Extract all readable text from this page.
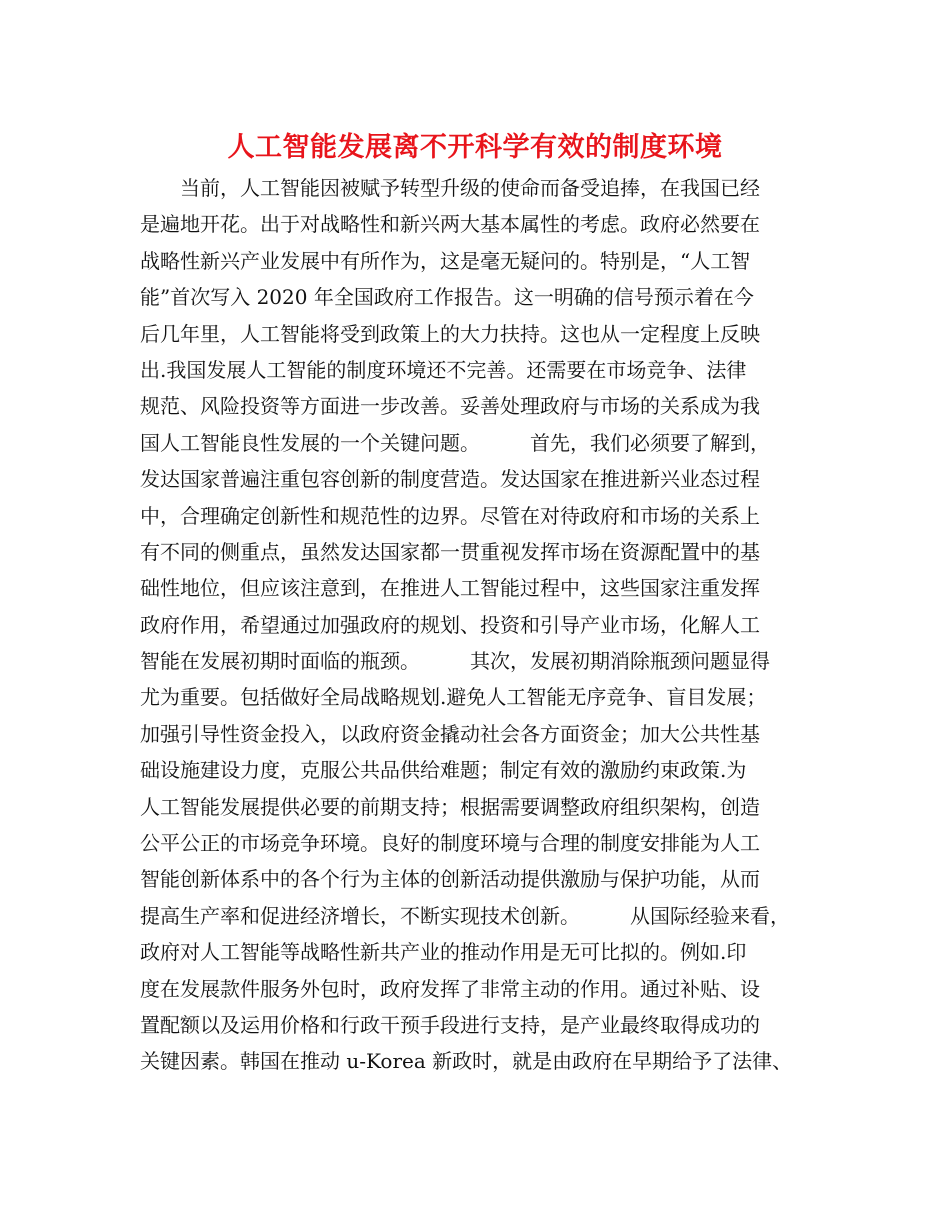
人工智能发展离不开科学有效的制度环境
　　当前，人工智能因被赋予转型升级的使命而备受追捧，在我国已经
是遍地开花。出于对战略性和新兴两大基本属性的考虑。政府必然要在
战略性新兴产业发展中有所作为，这是毫无疑问的。特别是，“人工智
能”首次写入 2020 年全国政府工作报告。这一明确的信号预示着在今
后几年里，人工智能将受到政策上的大力扶持。这也从一定程度上反映
出.我国发展人工智能的制度环境还不完善。还需要在市场竞争、法律
规范、风险投资等方面进一步改善。妥善处理政府与市场的关系成为我
国人工智能良性发展的一个关键问题。　　　首先，我们必须要了解到，
发达国家普遍注重包容创新的制度营造。发达国家在推进新兴业态过程
中，合理确定创新性和规范性的边界。尽管在对待政府和市场的关系上
有不同的侧重点，虽然发达国家都一贯重视发挥市场在资源配置中的基
础性地位，但应该注意到，在推进人工智能过程中，这些国家注重发挥
政府作用，希望通过加强政府的规划、投资和引导产业市场，化解人工
智能在发展初期时面临的瓶颈。　　　其次，发展初期消除瓶颈问题显得
尤为重要。包括做好全局战略规划.避免人工智能无序竞争、盲目发展；
加强引导性资金投入，以政府资金撬动社会各方面资金；加大公共性基
础设施建设力度，克服公共品供给难题；制定有效的激励约束政策.为
人工智能发展提供必要的前期支持；根据需要调整政府组织架构，创造
公平公正的市场竞争环境。良好的制度环境与合理的制度安排能为人工
智能创新体系中的各个行为主体的创新活动提供激励与保护功能，从而
提高生产率和促进经济增长，不断实现技术创新。　　　从国际经验来看，
政府对人工智能等战略性新共产业的推动作用是无可比拟的。例如.印
度在发展款件服务外包时，政府发挥了非常主动的作用。通过补贴、设
置配额以及运用价格和行政干预手段进行支持，是产业最终取得成功的
关键因素。韩国在推动 u-Korea 新政时，就是由政府在早期给予了法律、
